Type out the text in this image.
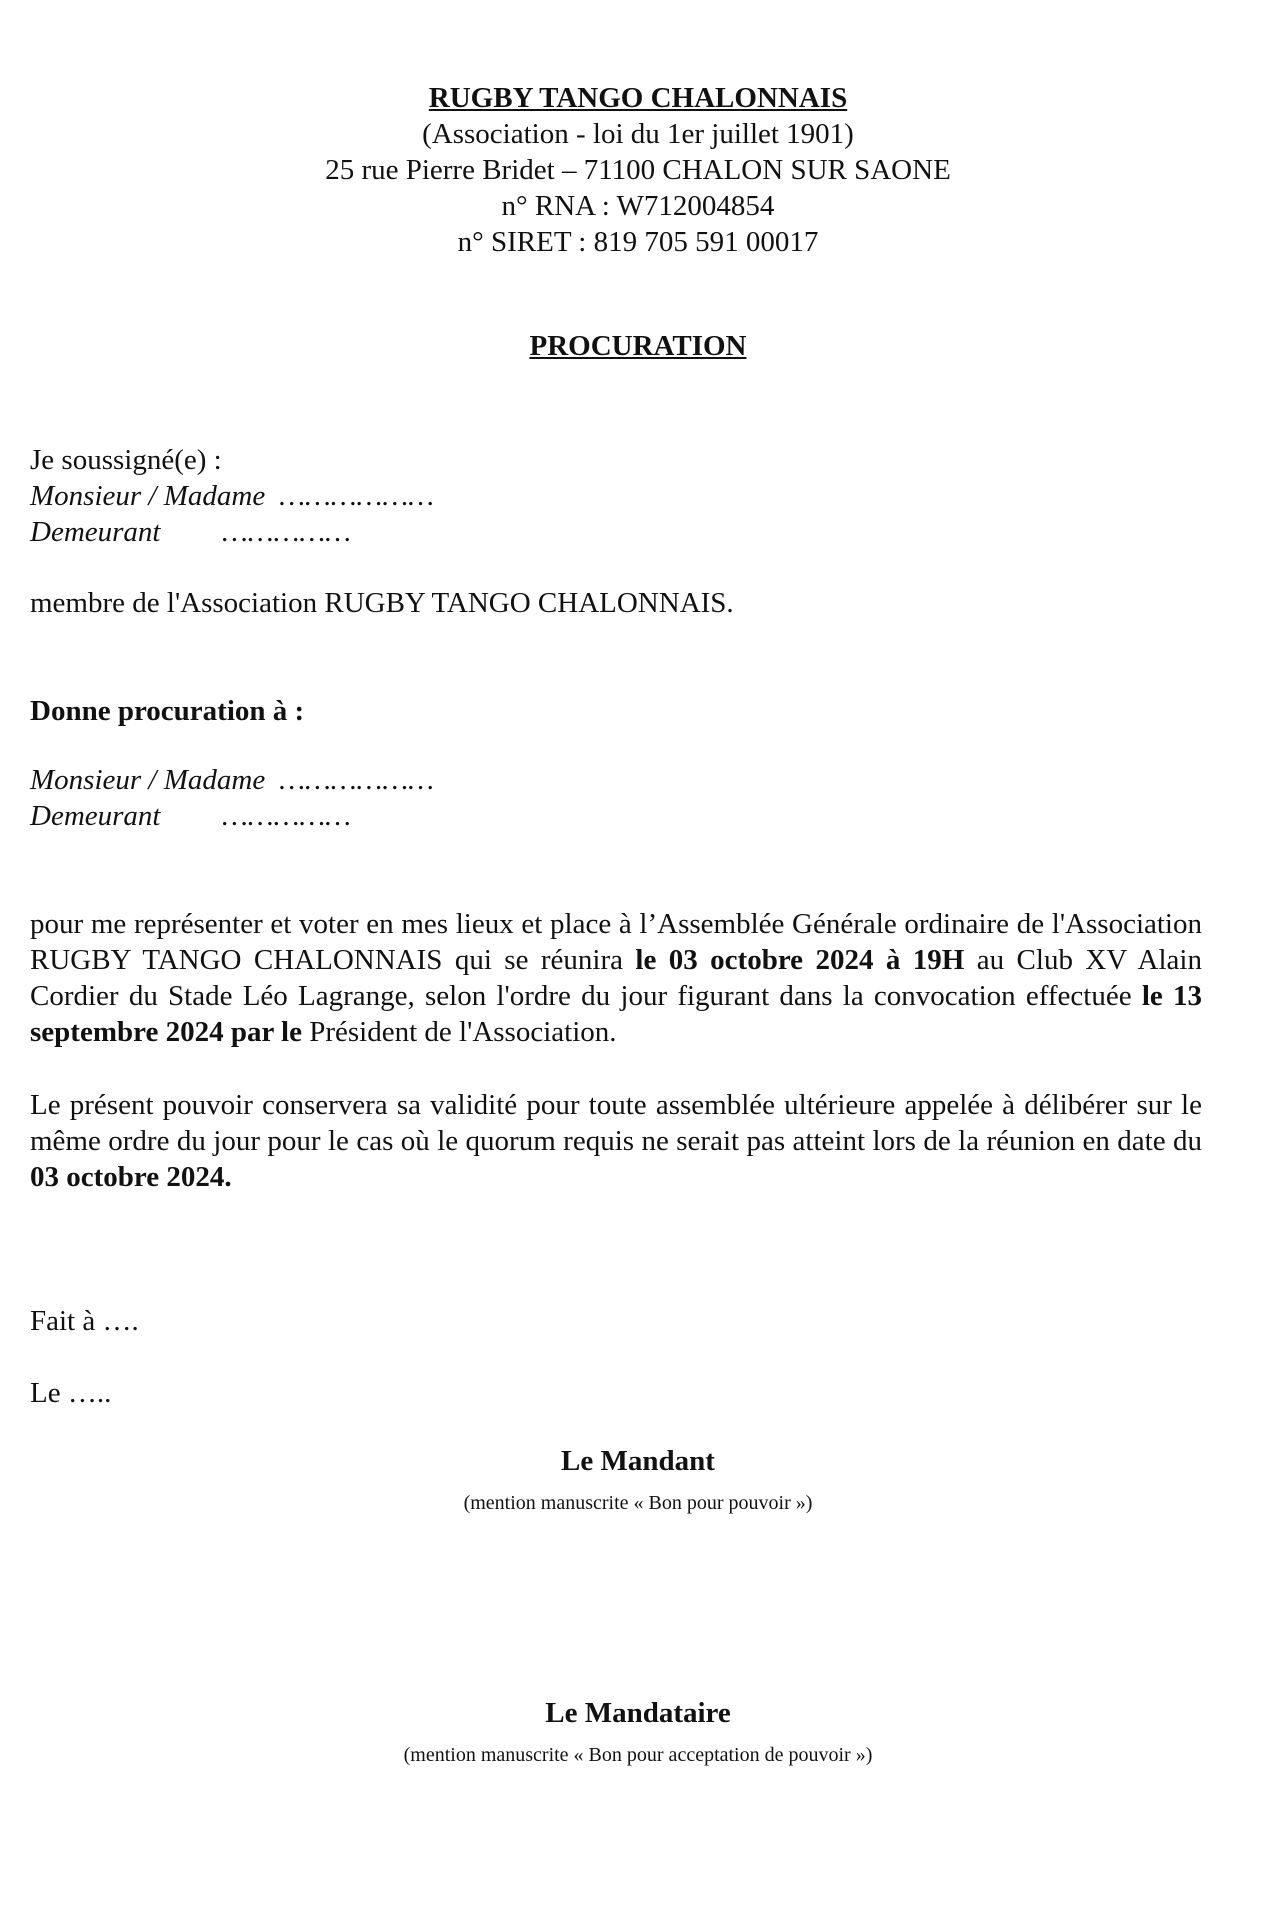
RUGBY TANGO CHALONNAIS
(Association - loi du 1er juillet 1901)
25 rue Pierre Bridet – 71100 CHALON SUR SAONE
n° RNA : W712004854
n° SIRET : 819 705 591 00017
PROCURATION
Je soussigné(e) :
Monsieur / Madame ………………
Demeurant ……………
membre de l'Association RUGBY TANGO CHALONNAIS.
Donne procuration à :
Monsieur / Madame ………………
Demeurant ……………
pour me représenter et voter en mes lieux et place à l’Assemblée Générale ordinaire de l'Association RUGBY TANGO CHALONNAIS qui se réunira le 03 octobre 2024 à 19H au Club XV Alain Cordier du Stade Léo Lagrange, selon l'ordre du jour figurant dans la convocation effectuée le 13 septembre 2024 par le Président de l'Association.
Le présent pouvoir conservera sa validité pour toute assemblée ultérieure appelée à délibérer sur le même ordre du jour pour le cas où le quorum requis ne serait pas atteint lors de la réunion en date du 03 octobre 2024.
Fait à ….
Le …..
Le Mandant
(mention manuscrite « Bon pour pouvoir »)
Le Mandataire
(mention manuscrite « Bon pour acceptation de pouvoir »)
